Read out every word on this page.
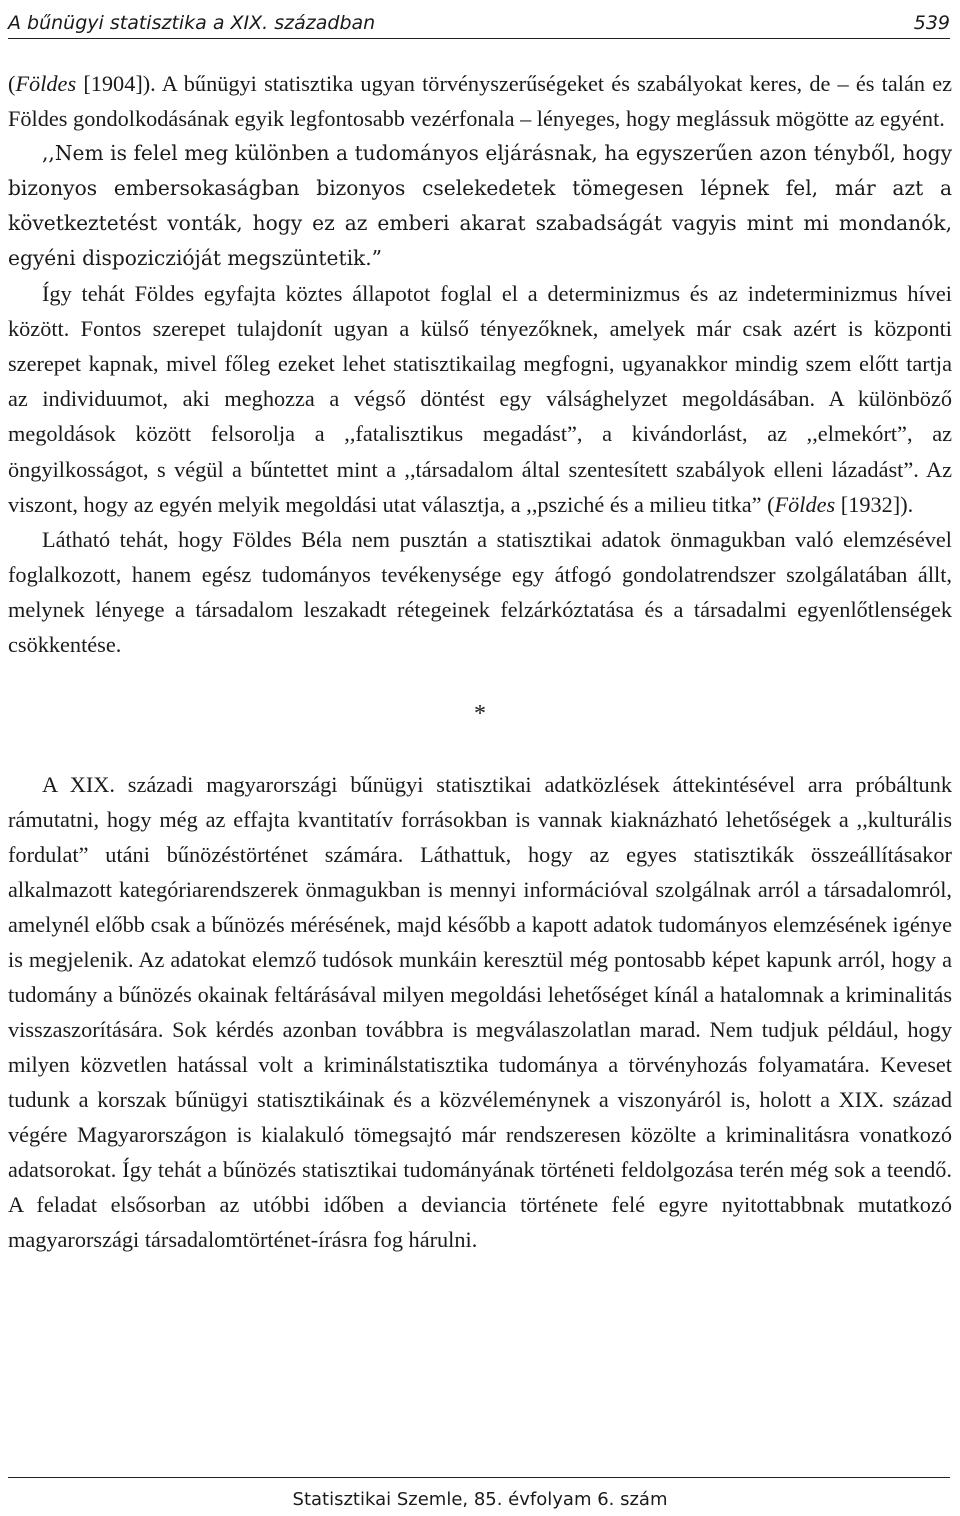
A bűnügyi statisztika a XIX. században	539

(Földes [1904]). A bűnügyi statisztika ugyan törvényszerűségeket és szabályokat keres, de – és talán ez Földes gondolkodásának egyik legfontosabb vezérfonala – lényeges, hogy meglássuk mögötte az egyént.

,,Nem is felel meg különben a tudományos eljárásnak, ha egyszerűen azon tényből, hogy bizonyos embersokaságban bizonyos cselekedetek tömegesen lépnek fel, már azt a következtetést vonták, hogy ez az emberi akarat szabadságát vagyis mint mi mondanók, egyéni dispoziczióját megszüntetik.”

Így tehát Földes egyfajta köztes állapotot foglal el a determinizmus és az indeterminizmus hívei között. Fontos szerepet tulajdonít ugyan a külső tényezőknek, amelyek már csak azért is központi szerepet kapnak, mivel főleg ezeket lehet statisztikailag megfogni, ugyanakkor mindig szem előtt tartja az individuumot, aki meghozza a végső döntést egy válsághelyzet megoldásában. A különböző megoldások között felsorolja a ,,fatalisztikus megadást”, a kivándorlást, az ,,elmekórt”, az öngyilkosságot, s végül a bűntettet mint a ,,társadalom által szentesített szabályok elleni lázadást”. Az viszont, hogy az egyén melyik megoldási utat választja, a ,,psziché és a milieu titka” (Földes [1932]).

Látható tehát, hogy Földes Béla nem pusztán a statisztikai adatok önmagukban való elemzésével foglalkozott, hanem egész tudományos tevékenysége egy átfogó gondolatrendszer szolgálatában állt, melynek lényege a társadalom leszakadt rétegeinek felzárkóztatása és a társadalmi egyenlőtlenségek csökkentése.

*

A XIX. századi magyarországi bűnügyi statisztikai adatközlések áttekintésével arra próbáltunk rámutatni, hogy még az effajta kvantitatív forrásokban is vannak kiaknázható lehetőségek a ,,kulturális fordulat” utáni bűnözéstörténet számára. Láthattuk, hogy az egyes statisztikák összeállításakor alkalmazott kategóriarendszerek önmagukban is mennyi információval szolgálnak arról a társadalomról, amelynél előbb csak a bűnözés mérésének, majd később a kapott adatok tudományos elemzésének igénye is megjelenik. Az adatokat elemző tudósok munkáin keresztül még pontosabb képet kapunk arról, hogy a tudomány a bűnözés okainak feltárásával milyen megoldási lehetőséget kínál a hatalomnak a kriminalitás visszaszorítására. Sok kérdés azonban továbbra is megválaszolatlan marad. Nem tudjuk például, hogy milyen közvetlen hatással volt a kriminálstatisztika tudománya a törvényhozás folyamatára. Keveset tudunk a korszak bűnügyi statisztikáinak és a közvéleménynek a viszonyáról is, holott a XIX. század végére Magyarországon is kialakuló tömegsajtó már rendszeresen közölte a kriminalitásra vonatkozó adatsorokat. Így tehát a bűnözés statisztikai tudományának történeti feldolgozása terén még sok a teendő. A feladat elsősorban az utóbbi időben a deviancia története felé egyre nyitottabbnak mutatkozó magyarországi társadalomtörténet-írásra fog hárulni.

Statisztikai Szemle, 85. évfolyam 6. szám
